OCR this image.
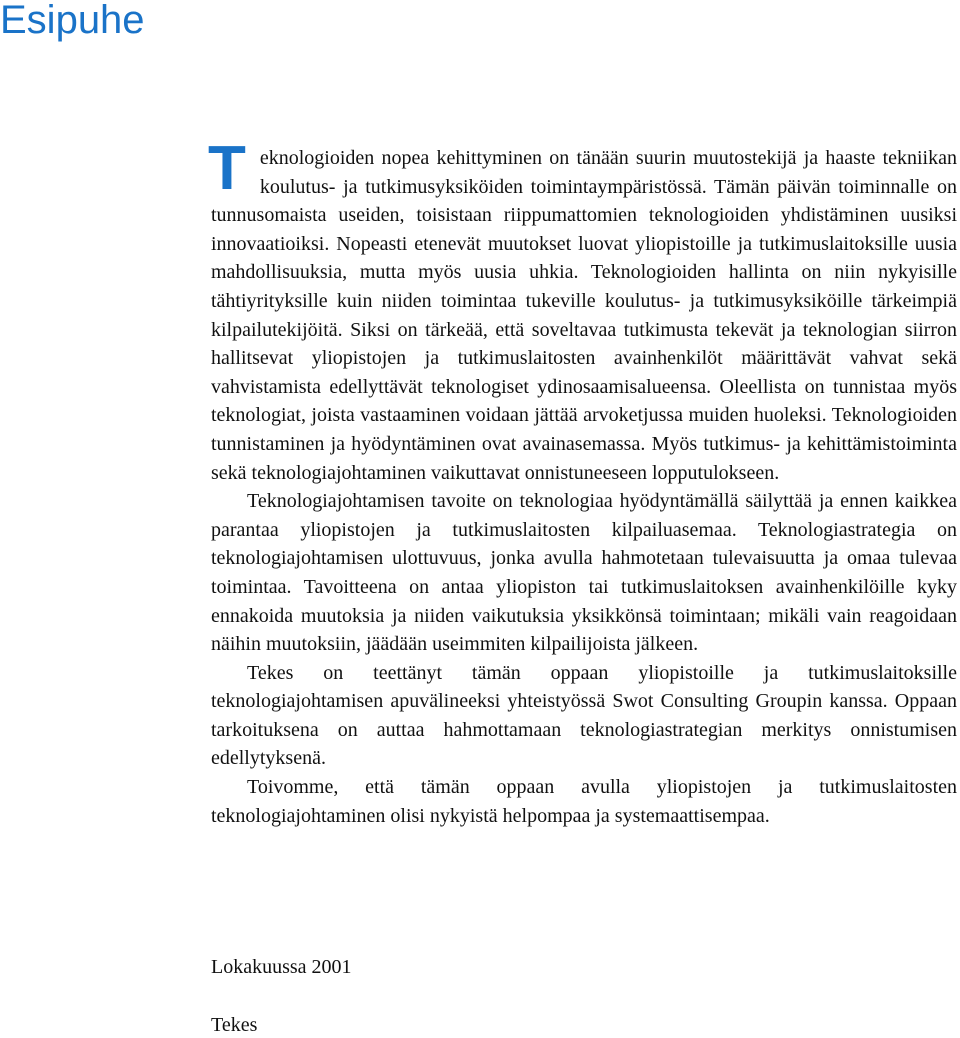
Esipuhe

Teknologioiden nopea kehittyminen on tänään suurin muutostekijä ja haaste tekniikan koulutus- ja tutkimusyksiköiden toimintaympäristössä. Tämän päivän toiminnalle on tunnusomaista useiden, toisistaan riippumattomien teknologioiden yhdistäminen uusiksi innovaatioiksi. Nopeasti etenevät muutokset luovat yliopistoille ja tutkimuslaitoksille uusia mahdollisuuksia, mutta myös uusia uhkia. Teknologioiden hallinta on niin nykyisille tähtiyrityksille kuin niiden toimintaa tukeville koulutus- ja tutkimusyksiköille tärkeimpiä kilpailutekijöitä. Siksi on tärkeää, että soveltavaa tutkimusta tekevät ja teknologian siirron hallitsevat yliopistojen ja tutkimuslaitosten avainhenkilöt määrittävät vahvat sekä vahvistamista edellyttävät teknologiset ydinosaamisalueensa. Oleellista on tunnistaa myös teknologiat, joista vastaaminen voidaan jättää arvoketjussa muiden huoleksi. Teknologioiden tunnistaminen ja hyödyntäminen ovat avainasemassa. Myös tutkimus- ja kehittämistoiminta sekä teknologiajohtaminen vaikuttavat onnistuneeseen lopputulokseen.

Teknologiajohtamisen tavoite on teknologiaa hyödyntämällä säilyttää ja ennen kaikkea parantaa yliopistojen ja tutkimuslaitosten kilpailuasemaa. Teknologiastrategia on teknologiajohtamisen ulottuvuus, jonka avulla hahmotetaan tulevaisuutta ja omaa tulevaa toimintaa. Tavoitteena on antaa yliopiston tai tutkimuslaitoksen avainhenkilöille kyky ennakoida muutoksia ja niiden vaikutuksia yksikkönsä toimintaan; mikäli vain reagoidaan näihin muutoksiin, jäädään useimmiten kilpailijoista jälkeen.

Tekes on teettänyt tämän oppaan yliopistoille ja tutkimuslaitoksille teknologiajohtamisen apuvälineeksi yhteistyössä Swot Consulting Groupin kanssa. Oppaan tarkoituksena on auttaa hahmottamaan teknologiastrategian merkitys onnistumisen edellytyksenä.

Toivomme, että tämän oppaan avulla yliopistojen ja tutkimuslaitosten teknologiajohtaminen olisi nykyistä helpompaa ja systemaattisempaa.

Lokakuussa 2001
Tekes
